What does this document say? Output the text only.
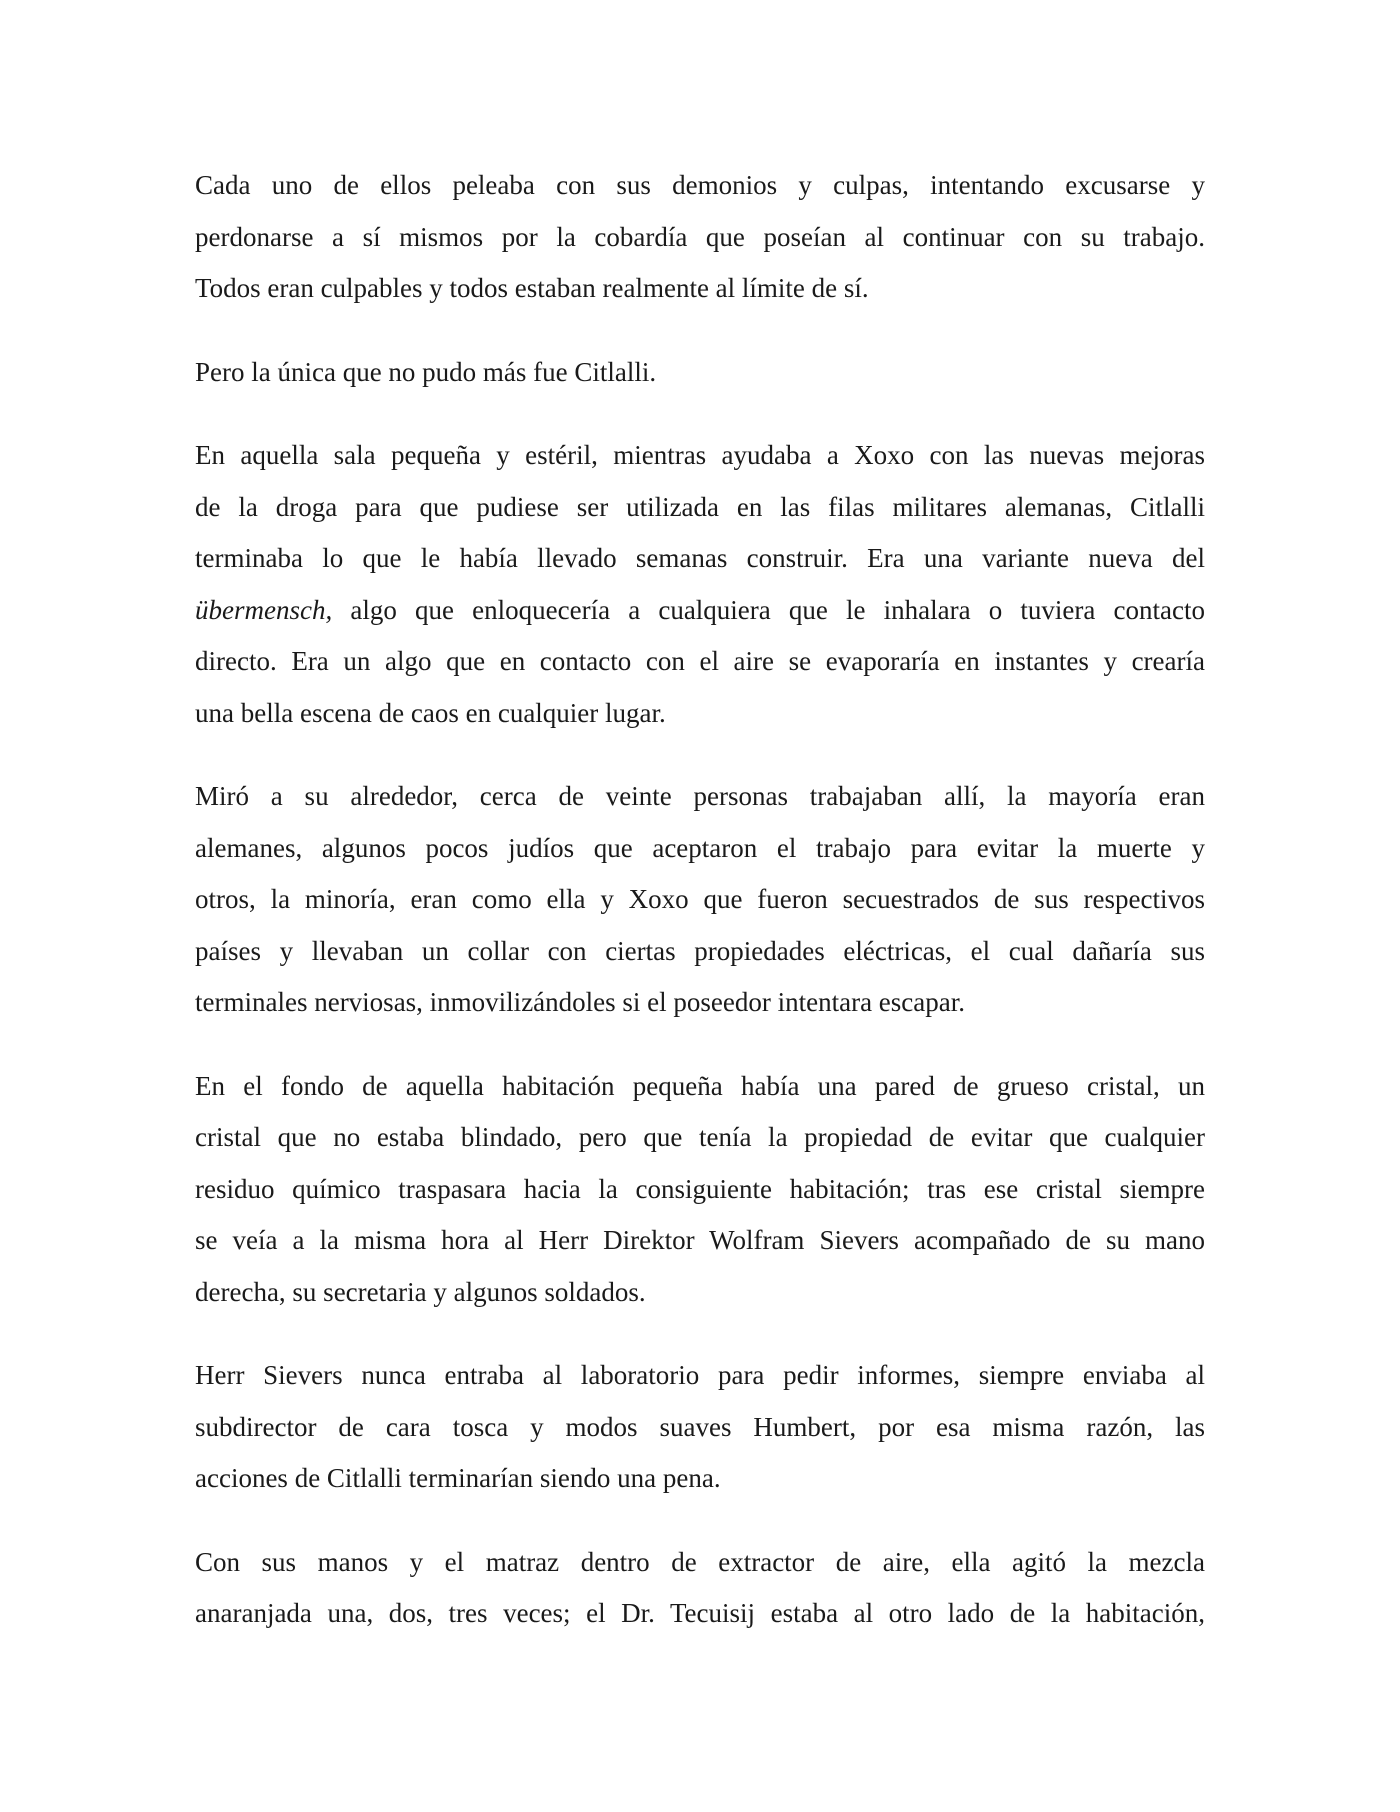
Cada uno de ellos peleaba con sus demonios y culpas, intentando excusarse y
perdonarse a sí mismos por la cobardía que poseían al continuar con su trabajo.
Todos eran culpables y todos estaban realmente al límite de sí.
Pero la única que no pudo más fue Citlalli.
En aquella sala pequeña y estéril, mientras ayudaba a Xoxo con las nuevas mejoras
de la droga para que pudiese ser utilizada en las filas militares alemanas, Citlalli
terminaba lo que le había llevado semanas construir. Era una variante nueva del
übermensch, algo que enloquecería a cualquiera que le inhalara o tuviera contacto
directo. Era un algo que en contacto con el aire se evaporaría en instantes y crearía
una bella escena de caos en cualquier lugar.
Miró a su alrededor, cerca de veinte personas trabajaban allí, la mayoría eran
alemanes, algunos pocos judíos que aceptaron el trabajo para evitar la muerte y
otros, la minoría, eran como ella y Xoxo que fueron secuestrados de sus respectivos
países y llevaban un collar con ciertas propiedades eléctricas, el cual dañaría sus
terminales nerviosas, inmovilizándoles si el poseedor intentara escapar.
En el fondo de aquella habitación pequeña había una pared de grueso cristal, un
cristal que no estaba blindado, pero que tenía la propiedad de evitar que cualquier
residuo químico traspasara hacia la consiguiente habitación; tras ese cristal siempre
se veía a la misma hora al Herr Direktor Wolfram Sievers acompañado de su mano
derecha, su secretaria y algunos soldados.
Herr Sievers nunca entraba al laboratorio para pedir informes, siempre enviaba al
subdirector de cara tosca y modos suaves Humbert, por esa misma razón, las
acciones de Citlalli terminarían siendo una pena.
Con sus manos y el matraz dentro de extractor de aire, ella agitó la mezcla
anaranjada una, dos, tres veces; el Dr. Tecuisij estaba al otro lado de la habitación,
